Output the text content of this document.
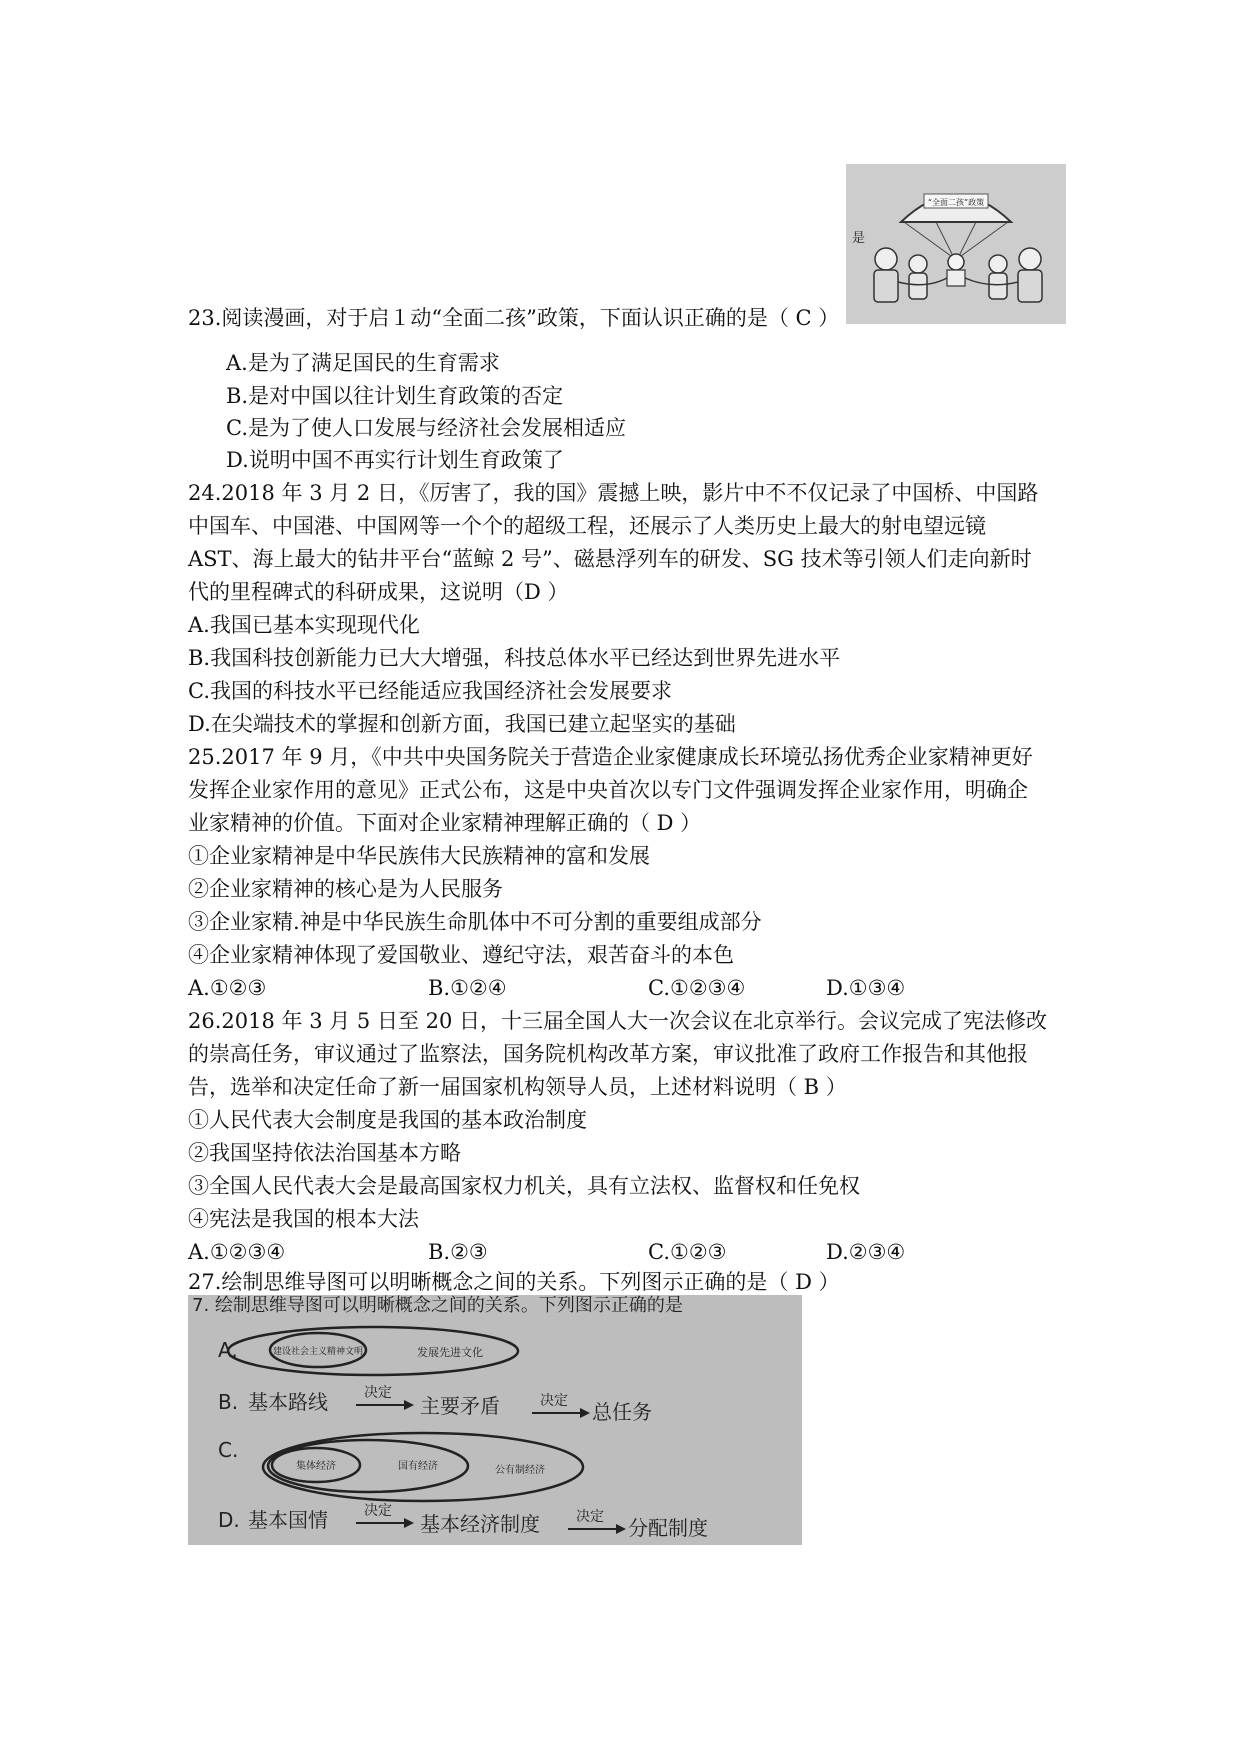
“全面二孩”政策
是
23.阅读漫画，对于启１动“全面二孩”政策，下面认识正确的是（ C ）
A.是为了满足国民的生育需求
B.是对中国以往计划生育政策的否定
C.是为了使人口发展与经济社会发展相适应
D.说明中国不再实行计划生育政策了
24.2018 年 3 月 2 日，《厉害了，我的国》震撼上映，影片中不不仅记录了中国桥、中国路
中国车、中国港、中国网等一个个的超级工程，还展示了人类历史上最大的射电望远镜
AST、海上最大的钻井平台“蓝鲸 2 号”、磁悬浮列车的研发、SG 技术等引领人们走向新时
代的里程碑式的科研成果，这说明（D ）
A.我国已基本实现现代化
B.我国科技创新能力已大大增强，科技总体水平已经达到世界先进水平
C.我国的科技水平已经能适应我国经济社会发展要求
D.在尖端技术的掌握和创新方面，我国已建立起坚实的基础
25.2017 年 9 月，《中共中央国务院关于营造企业家健康成长环境弘扬优秀企业家精神更好
发挥企业家作用的意见》正式公布，这是中央首次以专门文件强调发挥企业家作用，明确企
业家精神的价值。下面对企业家精神理解正确的（ D ）
①企业家精神是中华民族伟大民族精神的富和发展
②企业家精神的核心是为人民服务
③企业家精.神是中华民族生命肌体中不可分割的重要组成部分
④企业家精神体现了爱国敬业、遵纪守法，艰苦奋斗的本色
A.①②③	B.①②④	C.①②③④	D.①③④
26.2018 年 3 月 5 日至 20 日，十三届全国人大一次会议在北京举行。会议完成了宪法修改
的崇高任务，审议通过了监察法，国务院机构改革方案，审议批准了政府工作报告和其他报
告，选举和决定任命了新一届国家机构领导人员，上述材料说明（ B ）
①人民代表大会制度是我国的基本政治制度
②我国坚持依法治国基本方略
③全国人民代表大会是最高国家权力机关，具有立法权、监督权和任免权
④宪法是我国的根本大法
A.①②③④	B.②③	C.①②③	D.②③④
27.绘制思维导图可以明晰概念之间的关系。下列图示正确的是（ D ）
7. 绘制思维导图可以明晰概念之间的关系。下列图示正确的是
A.	建设社会主义精神文明	发展先进文化
B. 基本路线	决定
主要矛盾	决定 总任务
C.
集体经济	国有经济	公有制经济
D. 基本国情	决定
基本经济制度	决定 分配制度
